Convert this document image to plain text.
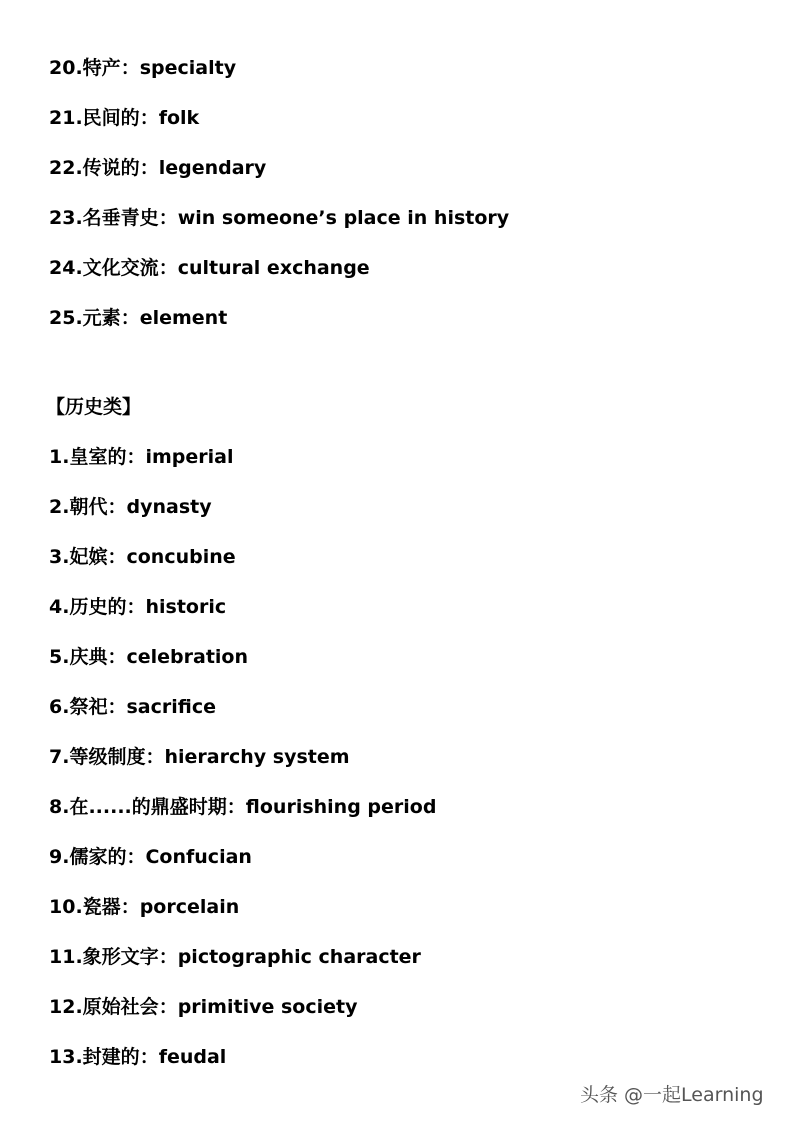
20.特产：specialty
21.民间的：folk
22.传说的：legendary
23.名垂青史：win someone’s place in history
24.文化交流：cultural exchange
25.元素：element
【历史类】
1.皇室的：imperial
2.朝代：dynasty
3.妃嫔：concubine
4.历史的：historic
5.庆典：celebration
6.祭祀：sacrifice
7.等级制度：hierarchy system
8.在......的鼎盛时期：flourishing period
9.儒家的：Confucian
10.瓷器：porcelain
11.象形文字：pictographic character
12.原始社会：primitive society
13.封建的：feudal
头条 @一起Learning
